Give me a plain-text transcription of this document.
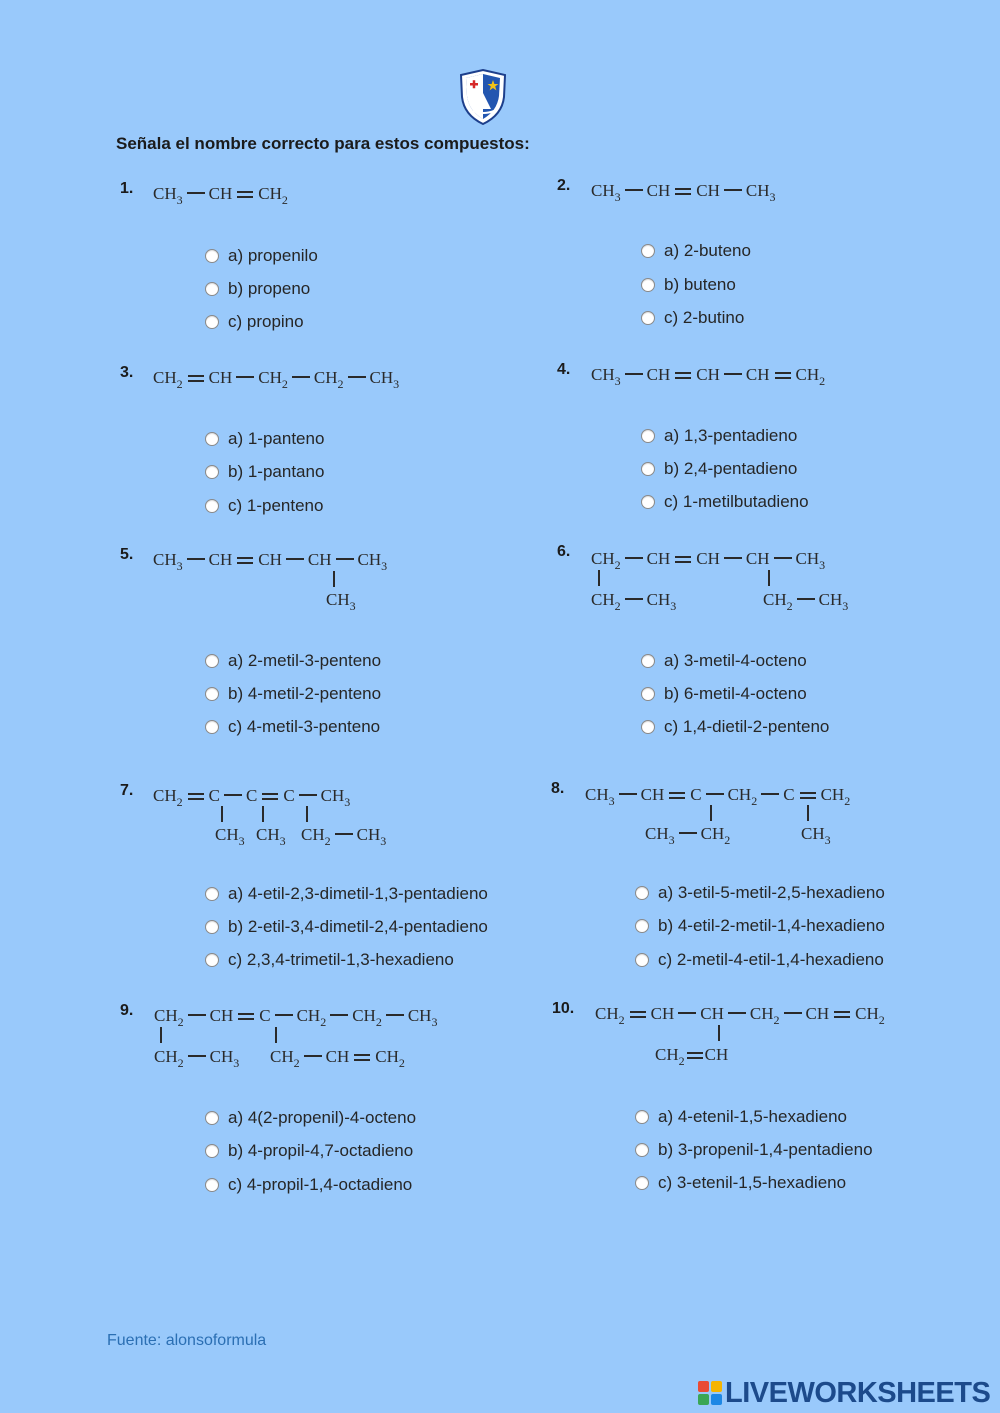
Señala el nombre correcto para estos compuestos:
1. $CH_3$ CH $CH_2$
a) propenilo
b) propeno
c) propino
2. $CH_3$ CH CH $CH_3$
a) 2-buteno
b) buteno
c) 2-butino
3. $CH_2$ CH $CH_2$ $CH_2$ $CH_3$
a) 1-panteno
b) 1-pantano
c) 1-penteno
4. $CH_3$ CH CH CH $CH_2$
a) 1,3-pentadieno
b) 2,4-pentadieno
c) 1-metilbutadieno
5. $CH_3$ CH CH CH $CH_3$
$CH_3$
a) 2-metil-3-penteno
b) 4-metil-2-penteno
c) 4-metil-3-penteno
6. $CH_2$ CH CH CH $CH_3$
$CH_2$ $CH_3$	$CH_2$ $CH_3$
a) 3-metil-4-octeno
b) 6-metil-4-octeno
c) 1,4-dietil-2-penteno
7. $CH_2$ C C C $CH_3$
$CH_3$ $CH_3$ $CH_2$ $CH_3$
a) 4-etil-2,3-dimetil-1,3-pentadieno
b) 2-etil-3,4-dimetil-2,4-pentadieno
c) 2,3,4-trimetil-1,3-hexadieno
8. $CH_3$ CH C $CH_2$ C $CH_2$
$CH_3$ $CH_2$	$CH_3$
a) 3-etil-5-metil-2,5-hexadieno
b) 4-etil-2-metil-1,4-hexadieno
c) 2-metil-4-etil-1,4-hexadieno
9. $CH_2$ CH C $CH_2$ $CH_2$ $CH_3$
$CH_2$ $CH_3$ $CH_2$ CH $CH_2$
a) 4(2-propenil)-4-octeno
b) 4-propil-4,7-octadieno
c) 4-propil-1,4-octadieno
10. $CH_2$ CH CH $CH_2$ CH $CH_2$
$CH_2$ CH
a) 4-etenil-1,5-hexadieno
b) 3-propenil-1,4-pentadieno
c) 3-etenil-1,5-hexadieno
Fuente: alonsoformula
LIVEWORKSHEETS
